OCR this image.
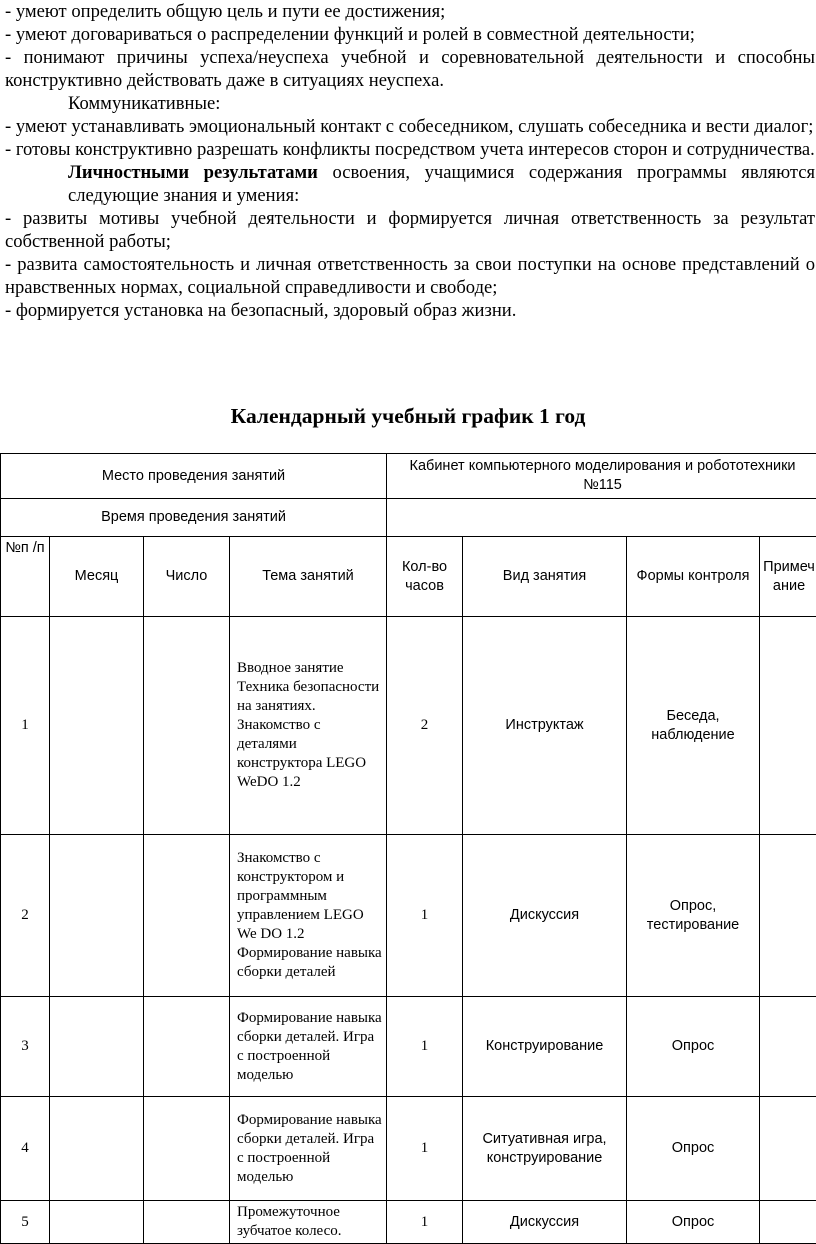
- умеют определить общую цель и пути ее достижения;

- умеют договариваться о распределении функций и ролей в совместной деятельности;

- понимают причины успеха/неуспеха учебной и соревновательной деятельности и способны конструктивно действовать даже в ситуациях неуспеха.

Коммуникативные:

- умеют устанавливать эмоциональный контакт с собеседником, слушать собеседника и вести диалог;

- готовы конструктивно разрешать конфликты посредством учета интересов сторон и сотрудничества.

Личностными результатами освоения, учащимися содержания программы являются следующие знания и умения:

- развиты мотивы учебной деятельности и формируется личная ответственность за результат собственной работы;

- развита самостоятельность и личная ответственность за свои поступки на основе представлений о нравственных нормах, социальной справедливости и свободе;

- формируется установка на безопасный, здоровый образ жизни.

Календарный учебный график 1 год
Место проведения занятий				Кабинет компьютерного моделирования и робототехники №115			
Время проведения занятий							
№п /п	Месяц	Число	Тема занятий	Кол-во часов	Вид занятия	Формы контроля	Примечание
1			Вводное занятие Техника безопасности на занятиях. Знакомство с деталями конструктора LEGO WeDO 1.2	2	Инструктаж	Беседа, наблюдение	
2			Знакомство с конструктором и программным управлением LEGO We DO 1.2 Формирование навыка сборки деталей	1	Дискуссия	Опрос, тестирование	
3			Формирование навыка сборки деталей. Игра с построенной моделью	1	Конструирование	Опрос	
4			Формирование навыка сборки деталей. Игра с построенной моделью	1	Ситуативная игра, конструирование	Опрос	
5			Промежуточное зубчатое колесо.	1	Дискуссия	Опрос	
